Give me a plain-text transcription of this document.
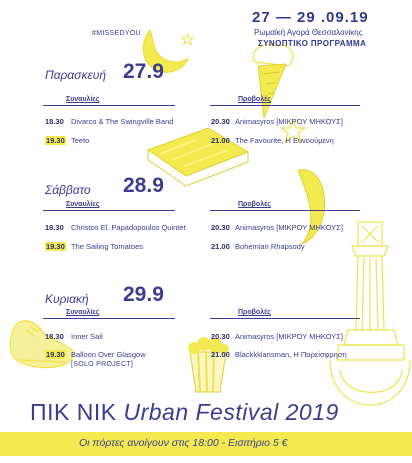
#MISSEDYOU
27 — 29 .09.19
Ρωμαϊκή Αγορά Θεσσαλονίκης
ΣΥΝΟΠΤΙΚΟ ΠΡΟΓΡΑΜΜΑ
Παρασκευή 27.9
Συναυλίες	Προβολές
18.30 Divarco & The Swingville Band
19.30 Teeto
20.30 Animasyros [ΜΙΚΡΟΥ ΜΗΚΟΥΣ]
21.00 The Favourite, Η Ευνοούμενη
Σάββατο 28.9
Συναυλίες	Προβολές
18.30 Christos El. Papadopoulos Quintet
19.30 The Sailing Tomatoes
20.30 Animasyros [ΜΙΚΡΟΥ ΜΗΚΟΥΣ]
21.00 Bohemian Rhapsody
Κυριακή 29.9
Συναυλίες	Προβολές
18.30 Inner Sail
19.30 Balloon Over Glasgow
[SOLO PROJECT]
20.30 Animasyros [ΜΙΚΡΟΥ ΜΗΚΟΥΣ]
21.00 Blackkklansman, Η Παρείσφρηση
ΠΙΚ ΝΙΚ Urban Festival 2019
Οι πόρτες ανοίγουν στις 18:00 - Εισιτήριο 5 €
